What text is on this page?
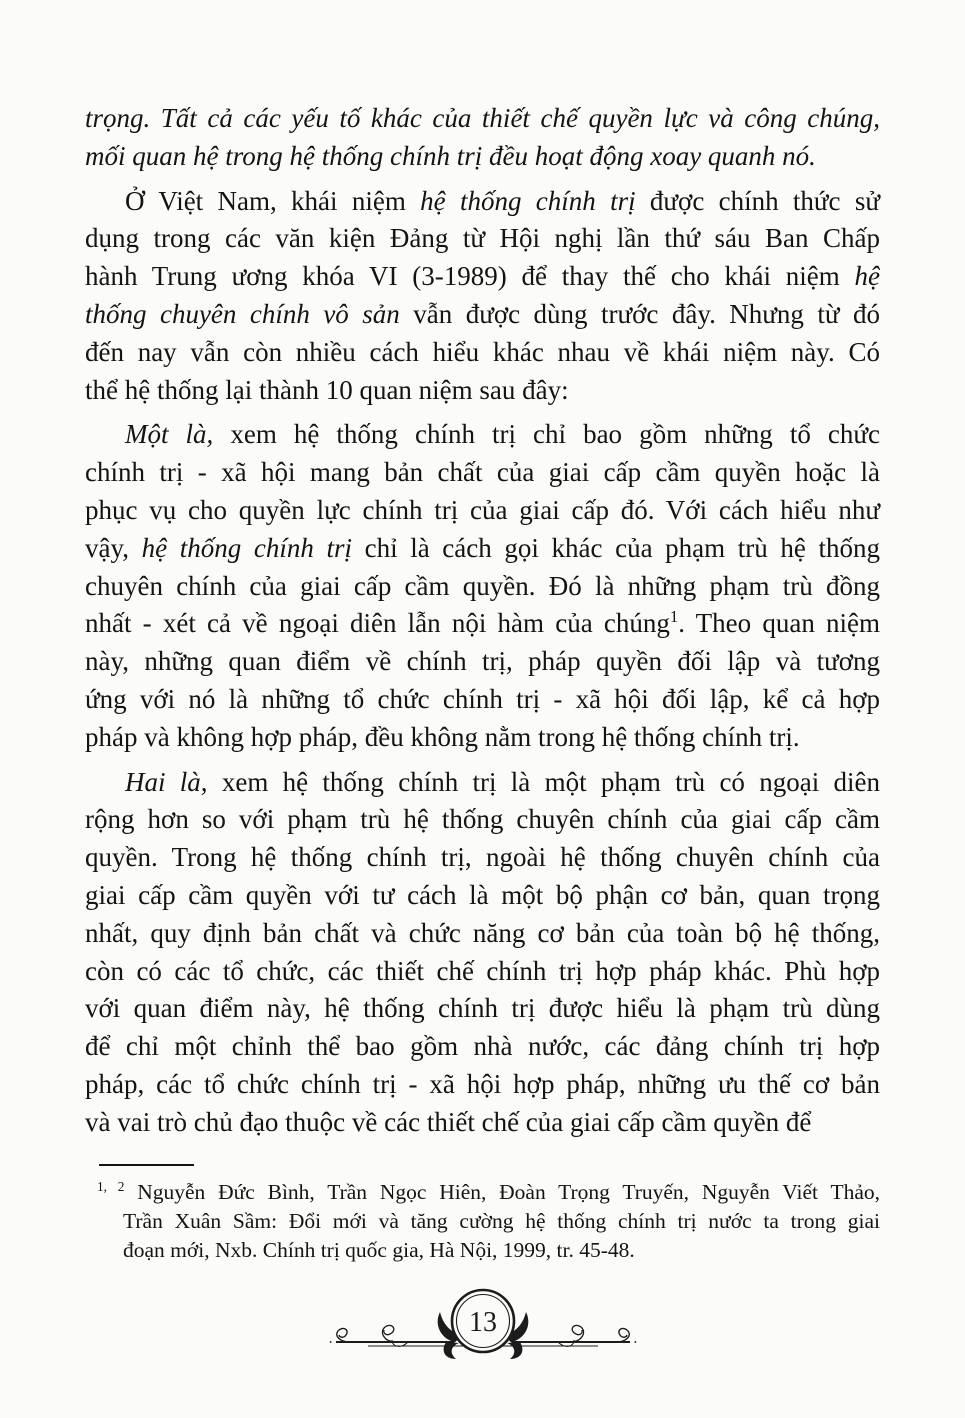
trọng. Tất cả các yếu tố khác của thiết chế quyền lực và công chúng,
mối quan hệ trong hệ thống chính trị đều hoạt động xoay quanh nó.
Ở Việt Nam, khái niệm hệ thống chính trị được chính thức sử
dụng trong các văn kiện Đảng từ Hội nghị lần thứ sáu Ban Chấp
hành Trung ương khóa VI (3-1989) để thay thế cho khái niệm hệ
thống chuyên chính vô sản vẫn được dùng trước đây. Nhưng từ đó
đến nay vẫn còn nhiều cách hiểu khác nhau về khái niệm này. Có
thể hệ thống lại thành 10 quan niệm sau đây:
Một là, xem hệ thống chính trị chỉ bao gồm những tổ chức
chính trị - xã hội mang bản chất của giai cấp cầm quyền hoặc là
phục vụ cho quyền lực chính trị của giai cấp đó. Với cách hiểu như
vậy, hệ thống chính trị chỉ là cách gọi khác của phạm trù hệ thống
chuyên chính của giai cấp cầm quyền. Đó là những phạm trù đồng
nhất - xét cả về ngoại diên lẫn nội hàm của chúng$^1$. Theo quan niệm
này, những quan điểm về chính trị, pháp quyền đối lập và tương
ứng với nó là những tổ chức chính trị - xã hội đối lập, kể cả hợp
pháp và không hợp pháp, đều không nằm trong hệ thống chính trị.
Hai là, xem hệ thống chính trị là một phạm trù có ngoại diên
rộng hơn so với phạm trù hệ thống chuyên chính của giai cấp cầm
quyền. Trong hệ thống chính trị, ngoài hệ thống chuyên chính của
giai cấp cầm quyền với tư cách là một bộ phận cơ bản, quan trọng
nhất, quy định bản chất và chức năng cơ bản của toàn bộ hệ thống,
còn có các tổ chức, các thiết chế chính trị hợp pháp khác. Phù hợp
với quan điểm này, hệ thống chính trị được hiểu là phạm trù dùng
để chỉ một chỉnh thể bao gồm nhà nước, các đảng chính trị hợp
pháp, các tổ chức chính trị - xã hội hợp pháp, những ưu thế cơ bản
và vai trò chủ đạo thuộc về các thiết chế của giai cấp cầm quyền để
$^{1, 2}$ Nguyễn Đức Bình, Trần Ngọc Hiên, Đoàn Trọng Truyến, Nguyễn Viết Thảo,
Trần Xuân Sầm: Đổi mới và tăng cường hệ thống chính trị nước ta trong giai
đoạn mới, Nxb. Chính trị quốc gia, Hà Nội, 1999, tr. 45-48.
13
